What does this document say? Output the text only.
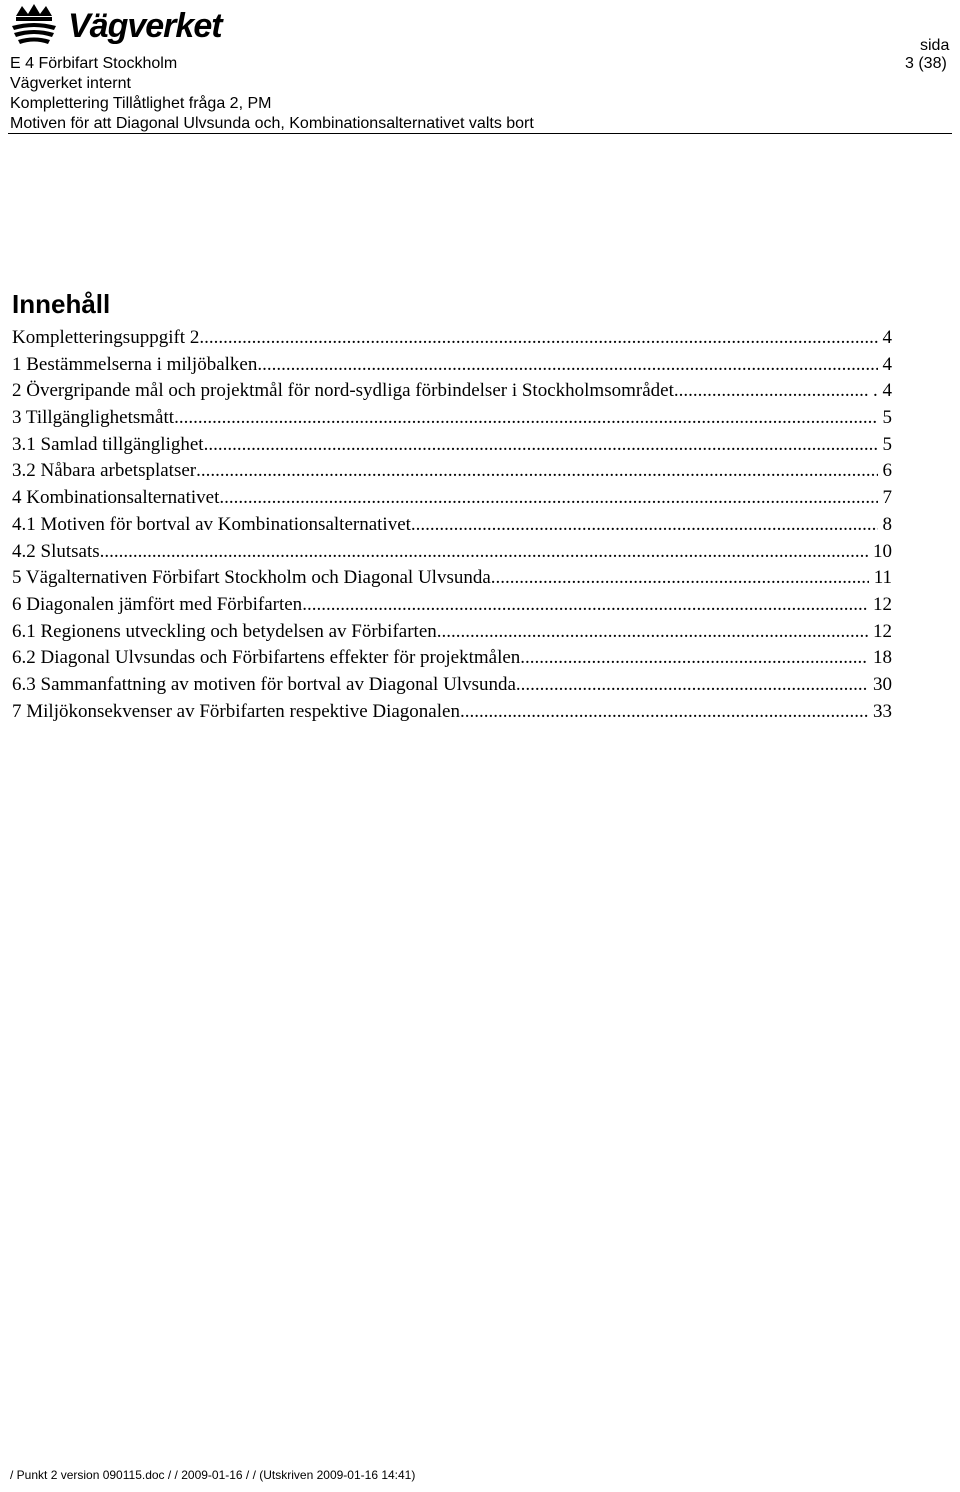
Vägverket
sida
E 4 Förbifart Stockholm	3 (38)
Vägverket internt
Komplettering Tillåtlighet fråga 2, PM
Motiven för att Diagonal Ulvsunda och, Kombinationsalternativet valts bort
Innehåll
Kompletteringsuppgift 2 .....	4
1 Bestämmelserna i miljöbalken .....	4
2 Övergripande mål och projektmål för nord-sydliga förbindelser i Stockholmsområdet .....	. 4
3 Tillgänglighetsmått .....	5
3.1 Samlad tillgänglighet .....	5
3.2 Nåbara arbetsplatser .....	6
4 Kombinationsalternativet .....	7
4.1 Motiven för bortval av Kombinationsalternativet .....	8
4.2 Slutsats .....	10
5 Vägalternativen Förbifart Stockholm och Diagonal Ulvsunda .....	11
6 Diagonalen jämfört med Förbifarten .....	12
6.1 Regionens utveckling och betydelsen av Förbifarten .....	12
6.2 Diagonal Ulvsundas och Förbifartens effekter för projektmålen .....	18
6.3 Sammanfattning av motiven för bortval av Diagonal Ulvsunda .....	30
7 Miljökonsekvenser av Förbifarten respektive Diagonalen .....	33
/ Punkt 2 version 090115.doc / / 2009-01-16 / / (Utskriven 2009-01-16 14:41)
